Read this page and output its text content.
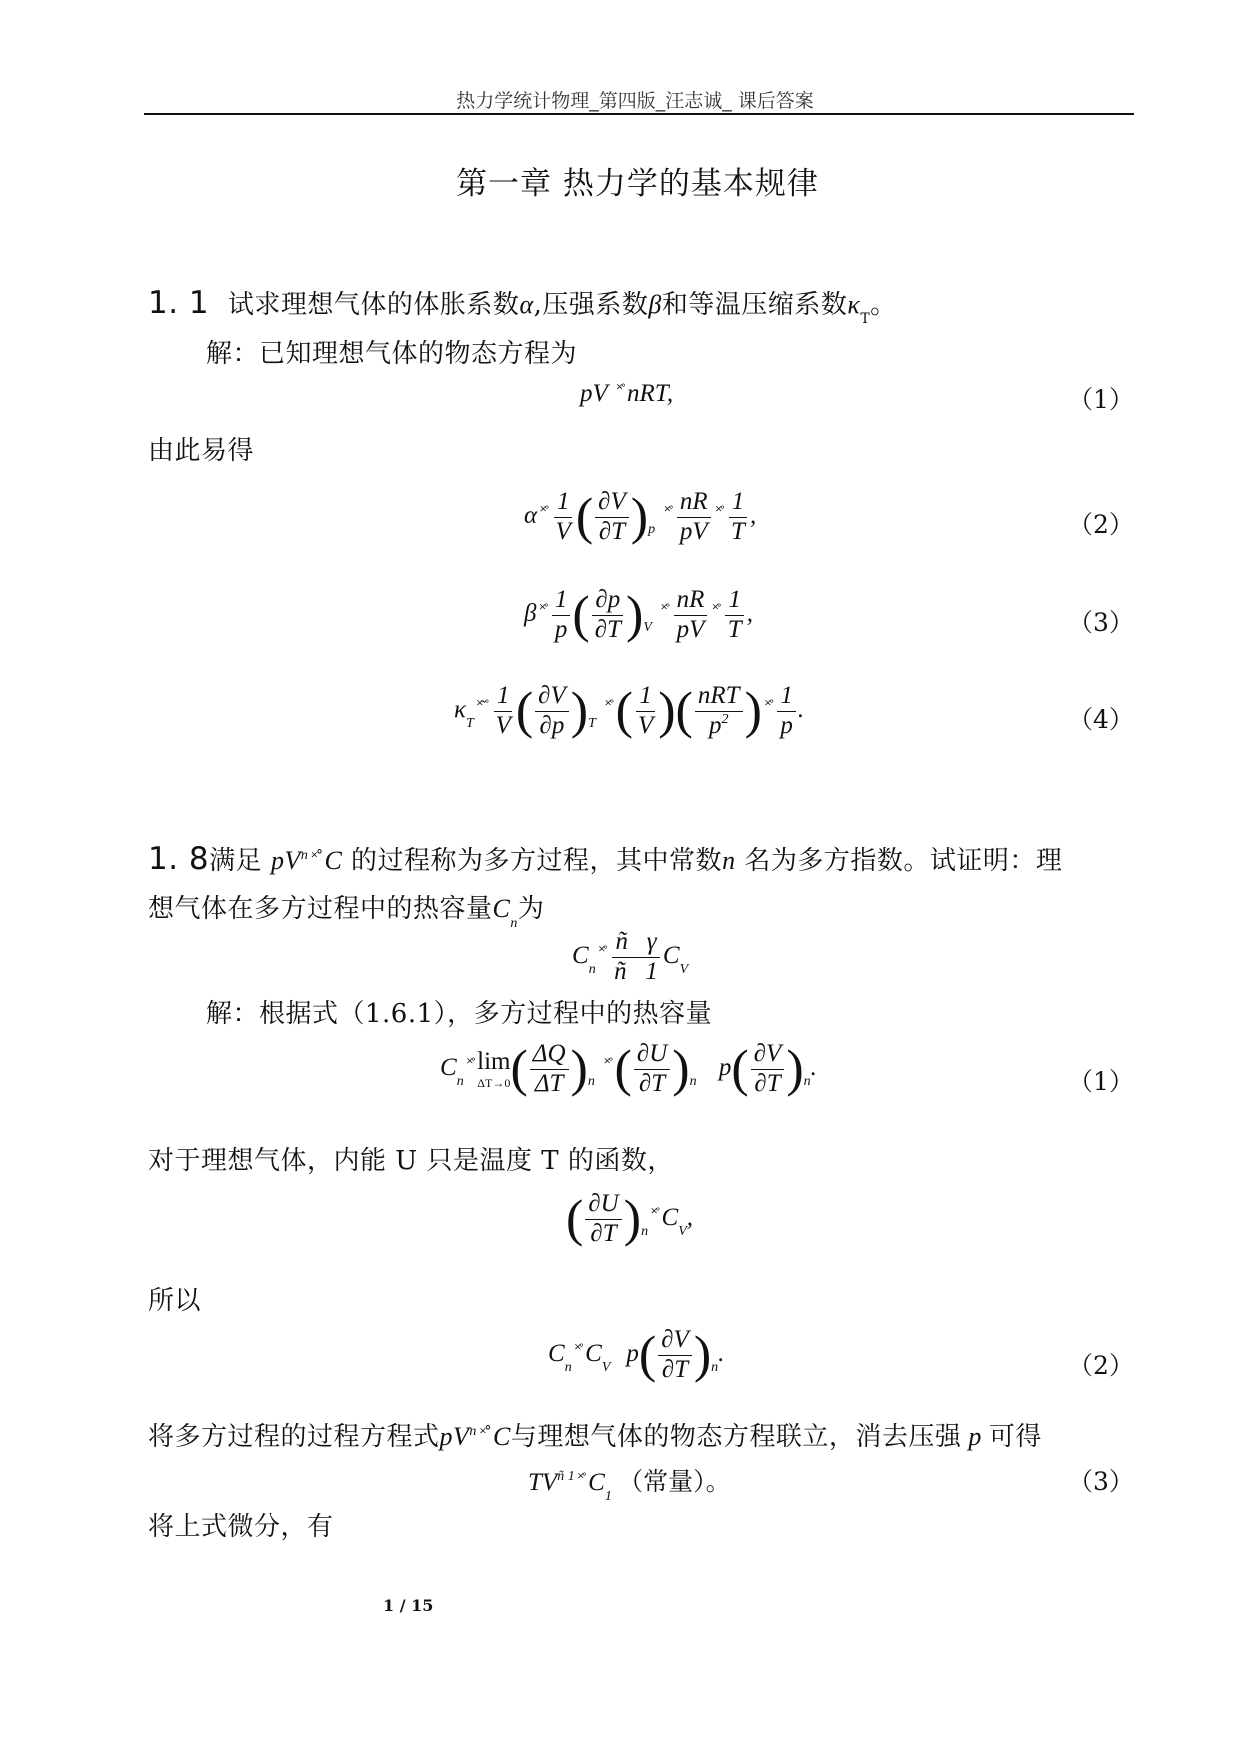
热力学统计物理_第四版_汪志诚_ 课后答案
第一章 热力学的基本规律
1. 1 试求理想气体的体胀系数α,压强系数β和等温压缩系数$\kappa_T$。
解：已知理想气体的物态方程为
pV ˟˚ nRT,	（1）
由此易得
α $^{˟˚} \frac{1}{V}$ ( $\frac{\partial V}{\partial T} )_p$ $^{˟˚} \frac{nR}{pV} ^{˟˚} \frac{1}{T}$ ,	（2）
β $^{˟˚} \frac{1}{p}$ ( $\frac{\partial p}{\partial T} )_V$ $^{˟˚} \frac{nR}{pV} ^{˟˚} \frac{1}{T}$ ,	（3）
$\kappa_T^{˟˜˚} \frac{1}{V}$ ( $\frac{\partial V}{\partial p} )_T$ $^{˟˚}( \frac{1}{V}$ )( $\frac{\text{nRT}}{p^2}$ ) $^{˟˚} \frac{1}{p}$ .	（4）
1. 8满足 $pV^n$ ˟˚ C 的过程称为多方过程，其中常数n 名为多方指数。试证明：理
想气体在多方过程中的热容量$C_n$为
$C_n^{˟˚} \frac{\text{ñ   γ}}{ñ 1} C_V$
解：根据式（1.6.1），多方过程中的热容量
$C_n^{˟˚}$ lim
ΔT→0 ( $\frac{\Delta Q}{\Delta T} )_n$ $^{˟˚}( \frac{\partial U}{\partial T} )_n$ $p( \frac{\partial V}{\partial T} )_n$.	（1）
对于理想气体，内能 U 只是温度 T 的函数，
( $\frac{\partial U}{\partial T} )_n^{˟˚}$ $C_V$,
所以
$C_n^{˟˚}$ $C_Vp( \frac{\partial V}{\partial T} )_n$.	（2）
将多方过程的过程方程式$pV^n$ ˟˚ C与理想气体的物态方程联立，消去压强 p 可得
$TV^{ñ 1}$ ˟˚ $C_1$ （常量）。	（3）
将上式微分，有
1 / 15
